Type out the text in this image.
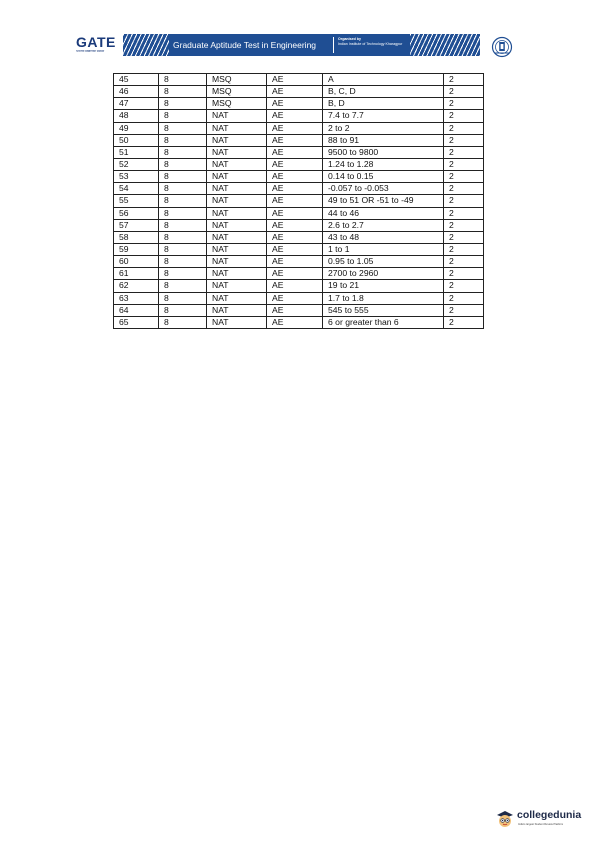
GATE
भारतीय प्रौद्योगिकी संस्थान
Graduate Aptitude Test in Engineering
Organised by
Indian Institute of Technology Kharagpur
45	8	MSQ	AE	A	2
46	8	MSQ	AE	B, C, D	2
47	8	MSQ	AE	B, D	2
48	8	NAT	AE	7.4 to 7.7	2
49	8	NAT	AE	2 to 2	2
50	8	NAT	AE	88 to 91	2
51	8	NAT	AE	9500 to 9800	2
52	8	NAT	AE	1.24 to 1.28	2
53	8	NAT	AE	0.14 to 0.15	2
54	8	NAT	AE	-0.057 to -0.053	2
55	8	NAT	AE	49 to 51 OR -51 to -49	2
56	8	NAT	AE	44 to 46	2
57	8	NAT	AE	2.6 to 2.7	2
58	8	NAT	AE	43 to 48	2
59	8	NAT	AE	1 to 1	2
60	8	NAT	AE	0.95 to 1.05	2
61	8	NAT	AE	2700 to 2960	2
62	8	NAT	AE	19 to 21	2
63	8	NAT	AE	1.7 to 1.8	2
64	8	NAT	AE	545 to 555	2
65	8	NAT	AE	6 or greater than 6	2
collegedunia
India's largest Student Review Platform
